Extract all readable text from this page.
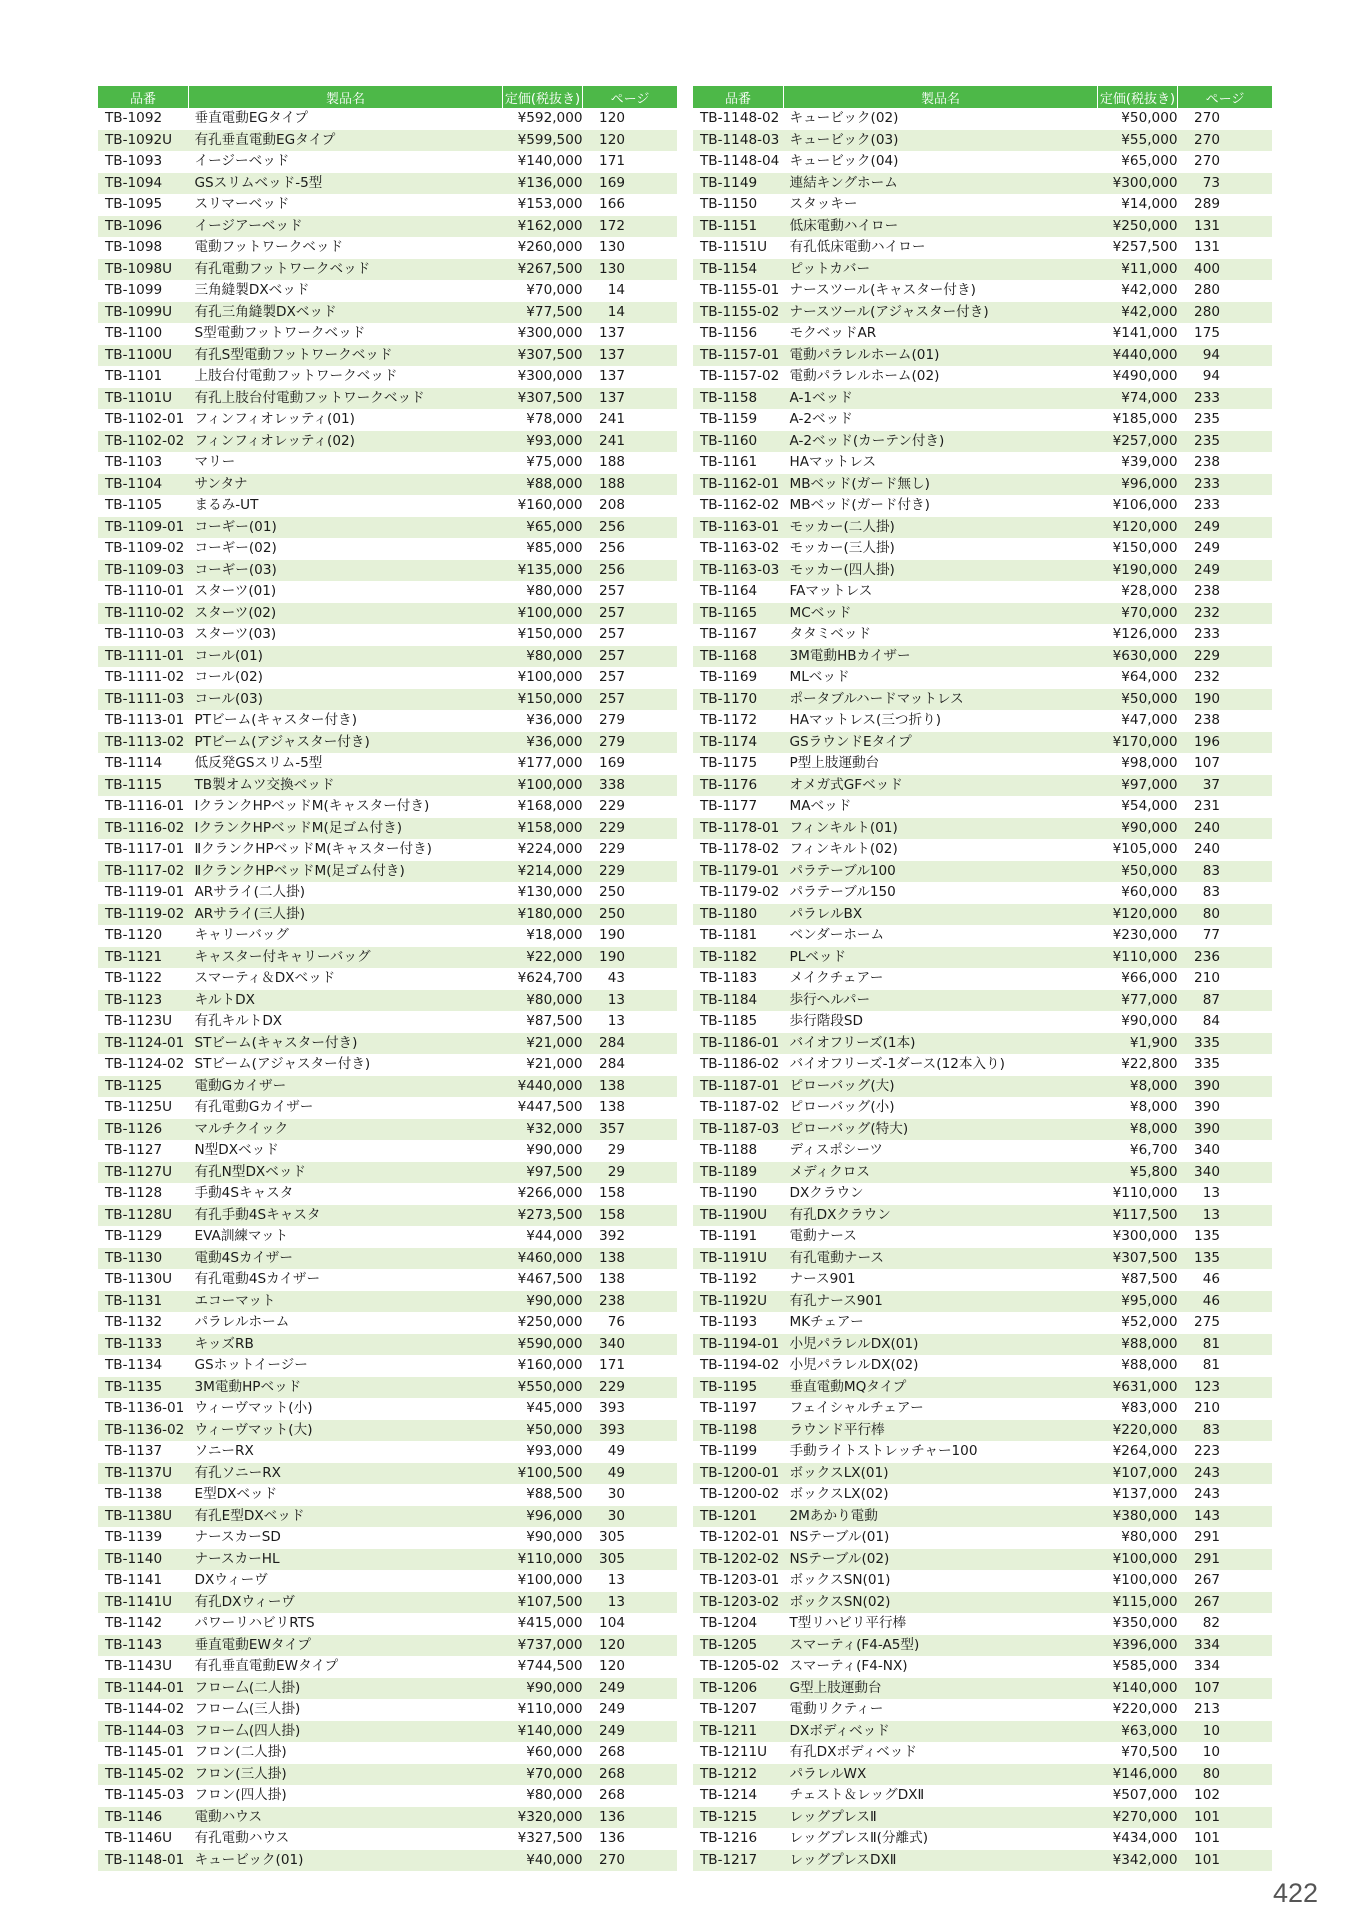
品番	製品名	定価(税抜き)	ページ
TB-1092	垂直電動EGタイプ	¥592,000	120
TB-1092U	有孔垂直電動EGタイプ	¥599,500	120
TB-1093	イージーベッド	¥140,000	171
TB-1094	GSスリムベッド-5型	¥136,000	169
TB-1095	スリマーベッド	¥153,000	166
TB-1096	イージアーベッド	¥162,000	172
TB-1098	電動フットワークベッド	¥260,000	130
TB-1098U	有孔電動フットワークベッド	¥267,500	130
TB-1099	三角縫製DXベッド	¥70,000	14
TB-1099U	有孔三角縫製DXベッド	¥77,500	14
TB-1100	S型電動フットワークベッド	¥300,000	137
TB-1100U	有孔S型電動フットワークベッド	¥307,500	137
TB-1101	上肢台付電動フットワークベッド	¥300,000	137
TB-1101U	有孔上肢台付電動フットワークベッド	¥307,500	137
TB-1102-01	フィンフィオレッティ(01)	¥78,000	241
TB-1102-02	フィンフィオレッティ(02)	¥93,000	241
TB-1103	マリー	¥75,000	188
TB-1104	サンタナ	¥88,000	188
TB-1105	まるみ-UT	¥160,000	208
TB-1109-01	コーギー(01)	¥65,000	256
TB-1109-02	コーギー(02)	¥85,000	256
TB-1109-03	コーギー(03)	¥135,000	256
TB-1110-01	スターツ(01)	¥80,000	257
TB-1110-02	スターツ(02)	¥100,000	257
TB-1110-03	スターツ(03)	¥150,000	257
TB-1111-01	コール(01)	¥80,000	257
TB-1111-02	コール(02)	¥100,000	257
TB-1111-03	コール(03)	¥150,000	257
TB-1113-01	PTビーム(キャスター付き)	¥36,000	279
TB-1113-02	PTビーム(アジャスター付き)	¥36,000	279
TB-1114	低反発GSスリム-5型	¥177,000	169
TB-1115	TB製オムツ交換ベッド	¥100,000	338
TB-1116-01	ⅠクランクHPベッドM(キャスター付き)	¥168,000	229
TB-1116-02	ⅠクランクHPベッドM(足ゴム付き)	¥158,000	229
TB-1117-01	ⅡクランクHPベッドM(キャスター付き)	¥224,000	229
TB-1117-02	ⅡクランクHPベッドM(足ゴム付き)	¥214,000	229
TB-1119-01	ARサライ(二人掛)	¥130,000	250
TB-1119-02	ARサライ(三人掛)	¥180,000	250
TB-1120	キャリーバッグ	¥18,000	190
TB-1121	キャスター付キャリーバッグ	¥22,000	190
TB-1122	スマーティ＆DXベッド	¥624,700	43
TB-1123	キルトDX	¥80,000	13
TB-1123U	有孔キルトDX	¥87,500	13
TB-1124-01	STビーム(キャスター付き)	¥21,000	284
TB-1124-02	STビーム(アジャスター付き)	¥21,000	284
TB-1125	電動Gカイザー	¥440,000	138
TB-1125U	有孔電動Gカイザー	¥447,500	138
TB-1126	マルチクイック	¥32,000	357
TB-1127	N型DXベッド	¥90,000	29
TB-1127U	有孔N型DXベッド	¥97,500	29
TB-1128	手動4Sキャスタ	¥266,000	158
TB-1128U	有孔手動4Sキャスタ	¥273,500	158
TB-1129	EVA訓練マット	¥44,000	392
TB-1130	電動4Sカイザー	¥460,000	138
TB-1130U	有孔電動4Sカイザー	¥467,500	138
TB-1131	エコーマット	¥90,000	238
TB-1132	パラレルホーム	¥250,000	76
TB-1133	キッズRB	¥590,000	340
TB-1134	GSホットイージー	¥160,000	171
TB-1135	3M電動HPベッド	¥550,000	229
TB-1136-01	ウィーヴマット(小)	¥45,000	393
TB-1136-02	ウィーヴマット(大)	¥50,000	393
TB-1137	ソニーRX	¥93,000	49
TB-1137U	有孔ソニーRX	¥100,500	49
TB-1138	E型DXベッド	¥88,500	30
TB-1138U	有孔E型DXベッド	¥96,000	30
TB-1139	ナースカーSD	¥90,000	305
TB-1140	ナースカーHL	¥110,000	305
TB-1141	DXウィーヴ	¥100,000	13
TB-1141U	有孔DXウィーヴ	¥107,500	13
TB-1142	パワーリハビリRTS	¥415,000	104
TB-1143	垂直電動EWタイプ	¥737,000	120
TB-1143U	有孔垂直電動EWタイプ	¥744,500	120
TB-1144-01	フロー厶(二人掛)	¥90,000	249
TB-1144-02	フロー厶(三人掛)	¥110,000	249
TB-1144-03	フロー厶(四人掛)	¥140,000	249
TB-1145-01	フロン(二人掛)	¥60,000	268
TB-1145-02	フロン(三人掛)	¥70,000	268
TB-1145-03	フロン(四人掛)	¥80,000	268
TB-1146	電動ハウス	¥320,000	136
TB-1146U	有孔電動ハウス	¥327,500	136
TB-1148-01	キュービック(01)	¥40,000	270
品番	製品名	定価(税抜き)	ページ
TB-1148-02	キュービック(02)	¥50,000	270
TB-1148-03	キュービック(03)	¥55,000	270
TB-1148-04	キュービック(04)	¥65,000	270
TB-1149	連結キングホーム	¥300,000	73
TB-1150	スタッキー	¥14,000	289
TB-1151	低床電動ハイロー	¥250,000	131
TB-1151U	有孔低床電動ハイロー	¥257,500	131
TB-1154	ピットカバー	¥11,000	400
TB-1155-01	ナースツール(キャスター付き)	¥42,000	280
TB-1155-02	ナースツール(アジャスター付き)	¥42,000	280
TB-1156	モクベッドAR	¥141,000	175
TB-1157-01	電動パラレルホーム(01)	¥440,000	94
TB-1157-02	電動パラレルホーム(02)	¥490,000	94
TB-1158	A-1ベッド	¥74,000	233
TB-1159	A-2ベッド	¥185,000	235
TB-1160	A-2ベッド(カーテン付き)	¥257,000	235
TB-1161	HAマットレス	¥39,000	238
TB-1162-01	MBベッド(ガード無し)	¥96,000	233
TB-1162-02	MBベッド(ガード付き)	¥106,000	233
TB-1163-01	モッカー(二人掛)	¥120,000	249
TB-1163-02	モッカー(三人掛)	¥150,000	249
TB-1163-03	モッカー(四人掛)	¥190,000	249
TB-1164	FAマットレス	¥28,000	238
TB-1165	MCベッド	¥70,000	232
TB-1167	タタミベッド	¥126,000	233
TB-1168	3M電動HBカイザー	¥630,000	229
TB-1169	MLベッド	¥64,000	232
TB-1170	ポータブルハードマットレス	¥50,000	190
TB-1172	HAマットレス(三つ折り)	¥47,000	238
TB-1174	GSラウンドEタイプ	¥170,000	196
TB-1175	P型上肢運動台	¥98,000	107
TB-1176	オメガ式GFベッド	¥97,000	37
TB-1177	MAベッド	¥54,000	231
TB-1178-01	フィンキルト(01)	¥90,000	240
TB-1178-02	フィンキルト(02)	¥105,000	240
TB-1179-01	パラテーブル100	¥50,000	83
TB-1179-02	パラテーブル150	¥60,000	83
TB-1180	パラレルBX	¥120,000	80
TB-1181	ベンダーホーム	¥230,000	77
TB-1182	PLベッド	¥110,000	236
TB-1183	メイクチェアー	¥66,000	210
TB-1184	歩行ヘルパー	¥77,000	87
TB-1185	歩行階段SD	¥90,000	84
TB-1186-01	バイオフリーズ(1本)	¥1,900	335
TB-1186-02	バイオフリーズ-1ダース(12本入り)	¥22,800	335
TB-1187-01	ピローバッグ(大)	¥8,000	390
TB-1187-02	ピローバッグ(小)	¥8,000	390
TB-1187-03	ピローバッグ(特大)	¥8,000	390
TB-1188	ディスポシーツ	¥6,700	340
TB-1189	メディクロス	¥5,800	340
TB-1190	DXクラウン	¥110,000	13
TB-1190U	有孔DXクラウン	¥117,500	13
TB-1191	電動ナース	¥300,000	135
TB-1191U	有孔電動ナース	¥307,500	135
TB-1192	ナース901	¥87,500	46
TB-1192U	有孔ナース901	¥95,000	46
TB-1193	MKチェアー	¥52,000	275
TB-1194-01	小児パラレルDX(01)	¥88,000	81
TB-1194-02	小児パラレルDX(02)	¥88,000	81
TB-1195	垂直電動MQタイプ	¥631,000	123
TB-1197	フェイシャルチェアー	¥83,000	210
TB-1198	ラウンド平行棒	¥220,000	83
TB-1199	手動ライトストレッチャー100	¥264,000	223
TB-1200-01	ボックスLX(01)	¥107,000	243
TB-1200-02	ボックスLX(02)	¥137,000	243
TB-1201	2Mあかり電動	¥380,000	143
TB-1202-01	NSテーブル(01)	¥80,000	291
TB-1202-02	NSテーブル(02)	¥100,000	291
TB-1203-01	ボックスSN(01)	¥100,000	267
TB-1203-02	ボックスSN(02)	¥115,000	267
TB-1204	T型リハビリ平行棒	¥350,000	82
TB-1205	スマーティ(F4-A5型)	¥396,000	334
TB-1205-02	スマーティ(F4-NX)	¥585,000	334
TB-1206	G型上肢運動台	¥140,000	107
TB-1207	電動リクティー	¥220,000	213
TB-1211	DXボディベッド	¥63,000	10
TB-1211U	有孔DXボディベッド	¥70,500	10
TB-1212	パラレルWX	¥146,000	80
TB-1214	チェスト＆レッグDXⅡ	¥507,000	102
TB-1215	レッグプレスⅡ	¥270,000	101
TB-1216	レッグプレスⅡ(分離式)	¥434,000	101
TB-1217	レッグプレスDXⅡ	¥342,000	101
422
